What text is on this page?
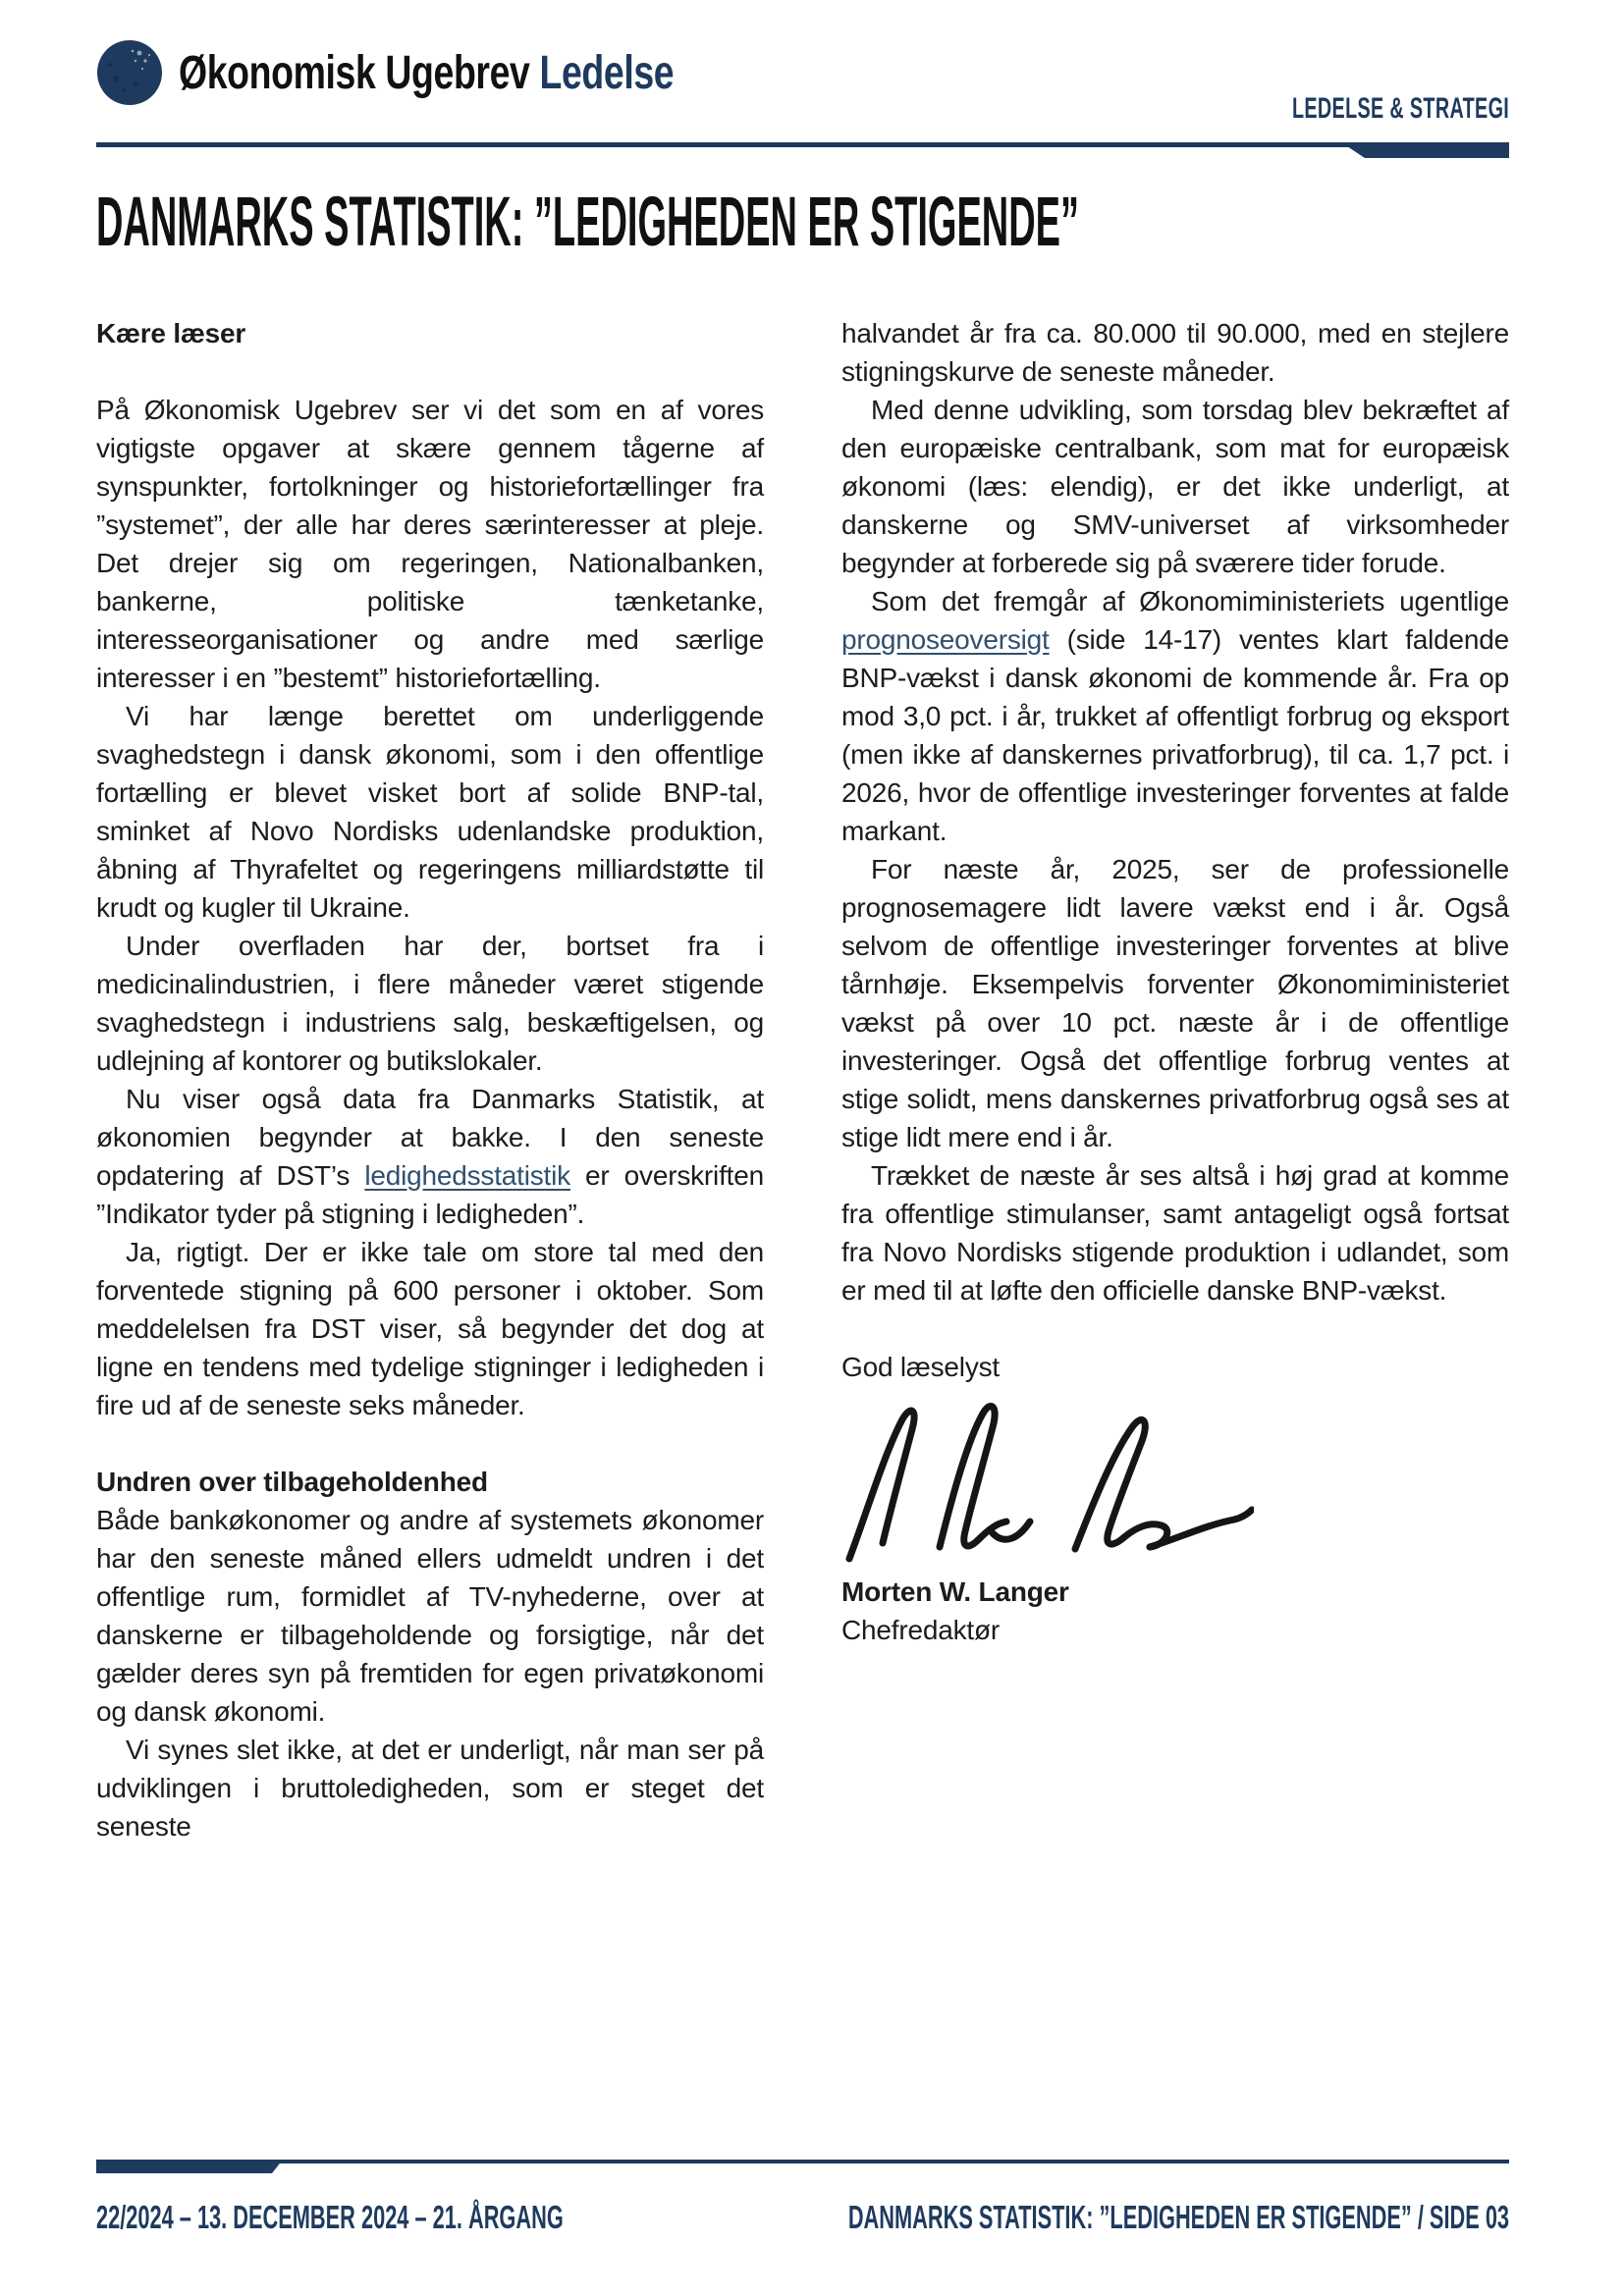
Økonomisk Ugebrev Ledelse
LEDELSE & STRATEGI
DANMARKS STATISTIK: ”LEDIGHEDEN ER STIGENDE”

Kære læser

På Økonomisk Ugebrev ser vi det som en af vores vigtigste opgaver at skære gennem tågerne af synspunkter, fortolkninger og historiefortællinger fra ”systemet”, der alle har deres særinteresser at pleje. Det drejer sig om regeringen, Nationalbanken, bankerne, politiske tænketanke, interesseorganisationer og andre med særlige interesser i en ”bestemt” historiefortælling.

Vi har længe berettet om underliggende svaghedstegn i dansk økonomi, som i den offentlige fortælling er blevet visket bort af solide BNP-tal, sminket af Novo Nordisks udenlandske produktion, åbning af Thyrafeltet og regeringens milliardstøtte til krudt og kugler til Ukraine.

Under overfladen har der, bortset fra i medicinalindustrien, i flere måneder været stigende svaghedstegn i industriens salg, beskæftigelsen, og udlejning af kontorer og butikslokaler.

Nu viser også data fra Danmarks Statistik, at økonomien begynder at bakke. I den seneste opdatering af DST’s ledighedsstatistik er overskriften ”Indikator tyder på stigning i ledigheden”.

Ja, rigtigt. Der er ikke tale om store tal med den forventede stigning på 600 personer i oktober. Som meddelelsen fra DST viser, så begynder det dog at ligne en tendens med tydelige stigninger i ledigheden i fire ud af de seneste seks måneder.

Undren over tilbageholdenhed

Både bankøkonomer og andre af systemets økonomer har den seneste måned ellers udmeldt undren i det offentlige rum, formidlet af TV-nyhederne, over at danskerne er tilbageholdende og forsigtige, når det gælder deres syn på fremtiden for egen privatøkonomi og dansk økonomi.

Vi synes slet ikke, at det er underligt, når man ser på udviklingen i bruttoledigheden, som er steget det seneste

halvandet år fra ca. 80.000 til 90.000, med en stejlere stigningskurve de seneste måneder.

Med denne udvikling, som torsdag blev bekræftet af den europæiske centralbank, som mat for europæisk økonomi (læs: elendig), er det ikke underligt, at danskerne og SMV-universet af virksomheder begynder at forberede sig på sværere tider forude.

Som det fremgår af Økonomiministeriets ugentlige prognoseoversigt (side 14-17) ventes klart faldende BNP-vækst i dansk økonomi de kommende år. Fra op mod 3,0 pct. i år, trukket af offentligt forbrug og eksport (men ikke af danskernes privatforbrug), til ca. 1,7 pct. i 2026, hvor de offentlige investeringer forventes at falde markant.

For næste år, 2025, ser de professionelle prognosemagere lidt lavere vækst end i år. Også selvom de offentlige investeringer forventes at blive tårnhøje. Eksempelvis forventer Økonomiministeriet vækst på over 10 pct. næste år i de offentlige investeringer. Også det offentlige forbrug ventes at stige solidt, mens danskernes privatforbrug også ses at stige lidt mere end i år.

Trækket de næste år ses altså i høj grad at komme fra offentlige stimulanser, samt antageligt også fortsat fra Novo Nordisks stigende produktion i udlandet, som er med til at løfte den officielle danske BNP-vækst.

God læselyst

Morten W. Langer

Chefredaktør

22/2024 – 13. DECEMBER 2024 – 21. ÅRGANG	DANMARKS STATISTIK: ”LEDIGHEDEN ER STIGENDE” / SIDE 03
